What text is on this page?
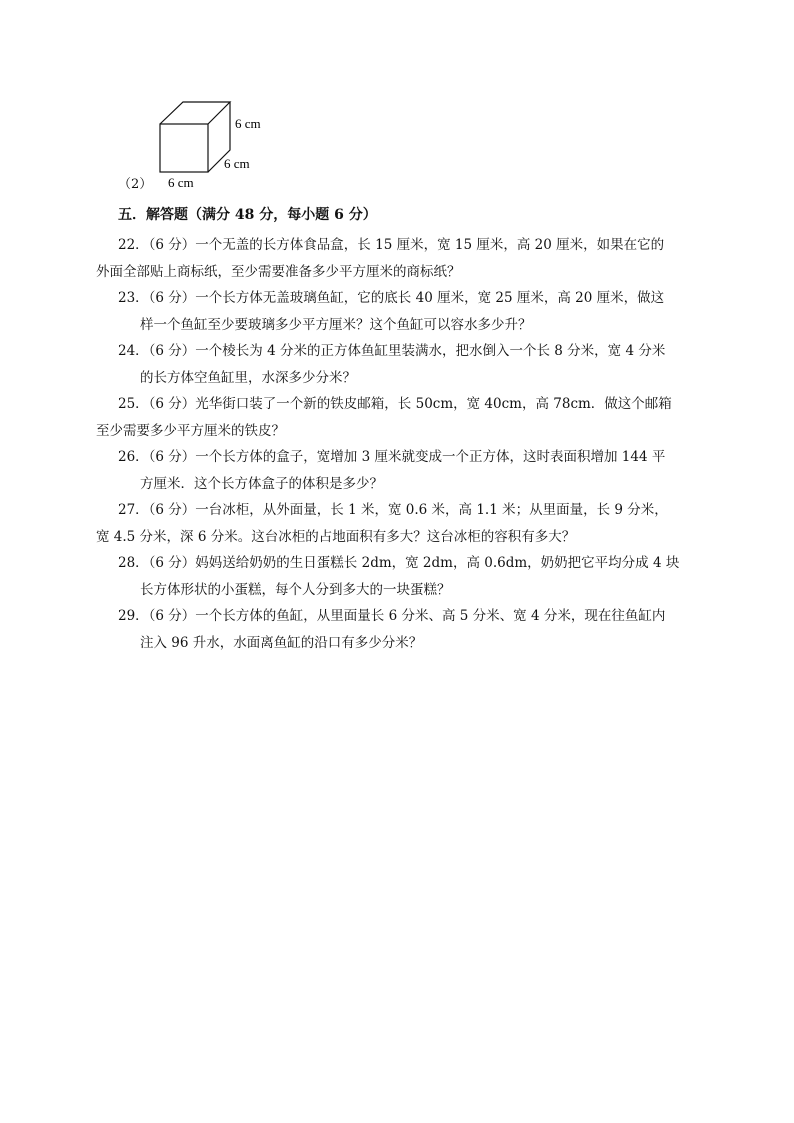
6 cm
6 cm
6 cm
（2）
五．解答题（满分 48 分，每小题 6 分）

22．（6 分）一个无盖的长方体食品盒，长 15 厘米，宽 15 厘米，高 20 厘米，如果在它的
外面全部贴上商标纸，至少需要准备多少平方厘米的商标纸？

23．（6 分）一个长方体无盖玻璃鱼缸，它的底长 40 厘米，宽 25 厘米，高 20 厘米，做这
样一个鱼缸至少要玻璃多少平方厘米？这个鱼缸可以容水多少升？

24．（6 分）一个棱长为 4 分米的正方体鱼缸里装满水，把水倒入一个长 8 分米，宽 4 分米
的长方体空鱼缸里，水深多少分米？

25．（6 分）光华街口装了一个新的铁皮邮箱，长 50cm，宽 40cm，高 78cm．做这个邮箱
至少需要多少平方厘米的铁皮？

26．（6 分）一个长方体的盒子，宽增加 3 厘米就变成一个正方体，这时表面积增加 144 平
方厘米．这个长方体盒子的体积是多少？

27．（6 分）一台冰柜，从外面量，长 1 米，宽 0.6 米，高 1.1 米；从里面量，长 9 分米，
宽 4.5 分米，深 6 分米。这台冰柜的占地面积有多大？这台冰柜的容积有多大？

28．（6 分）妈妈送给奶奶的生日蛋糕长 2dm，宽 2dm，高 0.6dm，奶奶把它平均分成 4 块
长方体形状的小蛋糕，每个人分到多大的一块蛋糕？

29．（6 分）一个长方体的鱼缸，从里面量长 6 分米、高 5 分米、宽 4 分米，现在往鱼缸内
注入 96 升水，水面离鱼缸的沿口有多少分米？
